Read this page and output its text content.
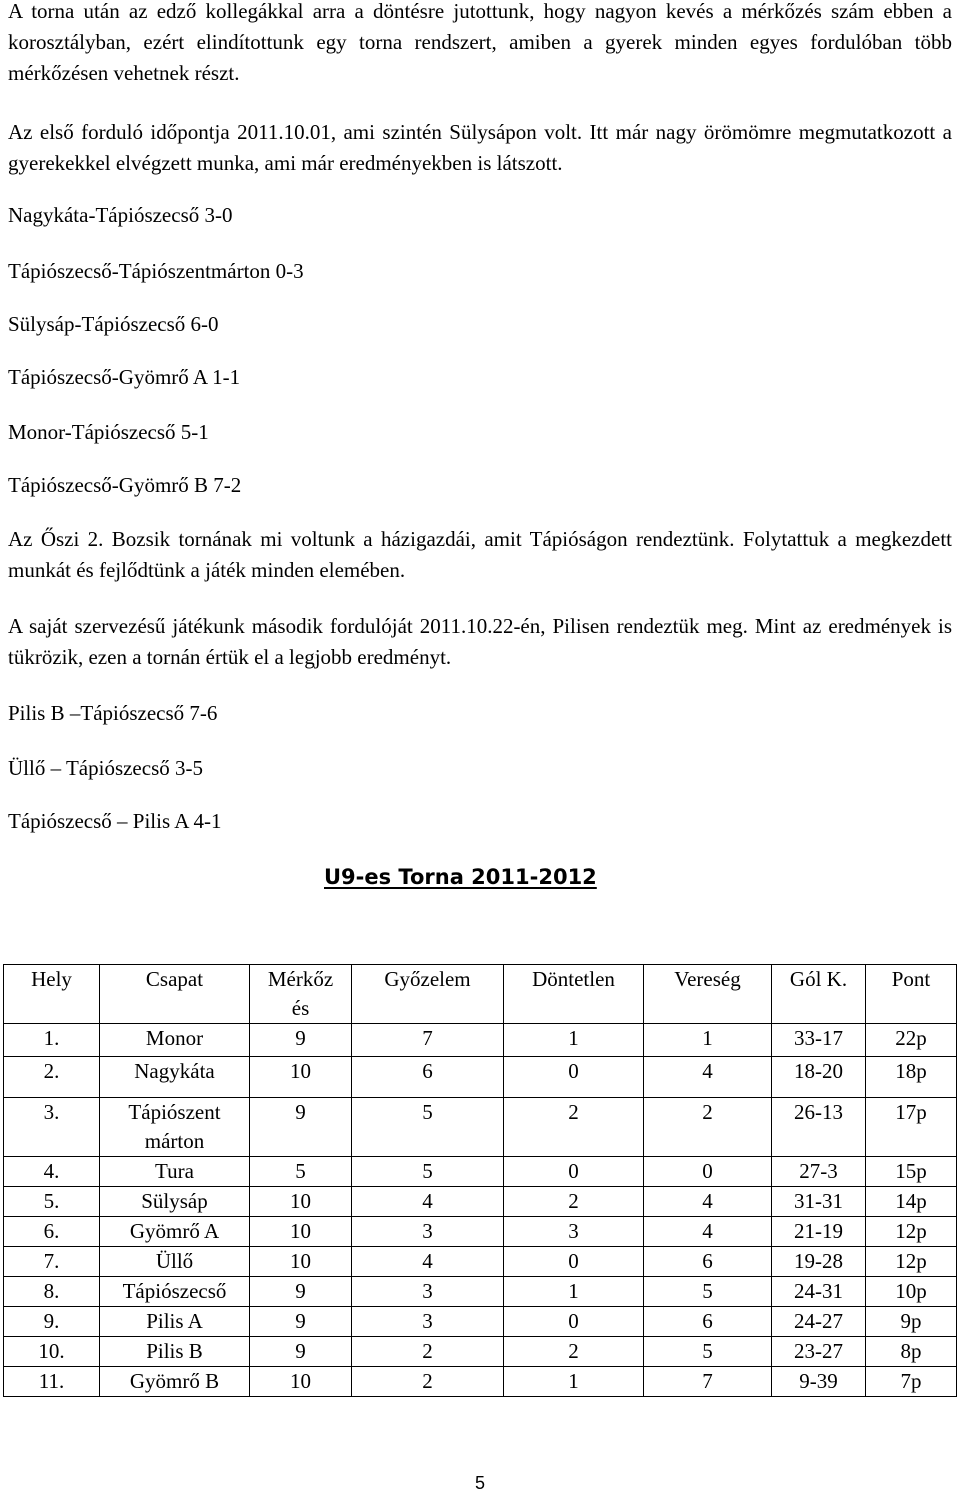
A torna után az edző kollegákkal arra a döntésre jutottunk, hogy nagyon kevés a mérkőzés szám ebben a korosztályban, ezért elindítottunk egy torna rendszert, amiben a gyerek minden egyes fordulóban több mérkőzésen vehetnek részt.

Az első forduló időpontja 2011.10.01, ami szintén Sülysápon volt. Itt már nagy örömömre megmutatkozott a gyerekekkel elvégzett munka, ami már eredményekben is látszott.

Nagykáta-Tápiószecső 3-0

Tápiószecső-Tápiószentmárton 0-3

Sülysáp-Tápiószecső 6-0

Tápiószecső-Gyömrő A 1-1

Monor-Tápiószecső 5-1

Tápiószecső-Gyömrő B 7-2

Az Őszi 2. Bozsik tornának mi voltunk a házigazdái, amit Tápióságon rendeztünk. Folytattuk a megkezdett munkát és fejlődtünk a játék minden elemében.

A saját szervezésű játékunk második fordulóját 2011.10.22-én, Pilisen rendeztük meg. Mint az eredmények is tükrözik, ezen a tornán értük el a legjobb eredményt.

Pilis B –Tápiószecső 7-6

Üllő – Tápiószecső 3-5

Tápiószecső – Pilis A 4-1

U9-es Torna 2011-2012
Hely	Csapat	Mérkőz és	Győzelem	Döntetlen	Vereség	Gól K.	Pont
1.	Monor	9	7	1	1	33-17	22p
2.	Nagykáta	10	6	0	4	18-20	18p
3.	Tápiószent márton	9	5	2	2	26-13	17p
4.	Tura	5	5	0	0	27-3	15p
5.	Sülysáp	10	4	2	4	31-31	14p
6.	Gyömrő A	10	3	3	4	21-19	12p
7.	Üllő	10	4	0	6	19-28	12p
8.	Tápiószecső	9	3	1	5	24-31	10p
9.	Pilis A	9	3	0	6	24-27	9p
10.	Pilis B	9	2	2	5	23-27	8p
11.	Gyömrő B	10	2	1	7	9-39	7p
5
